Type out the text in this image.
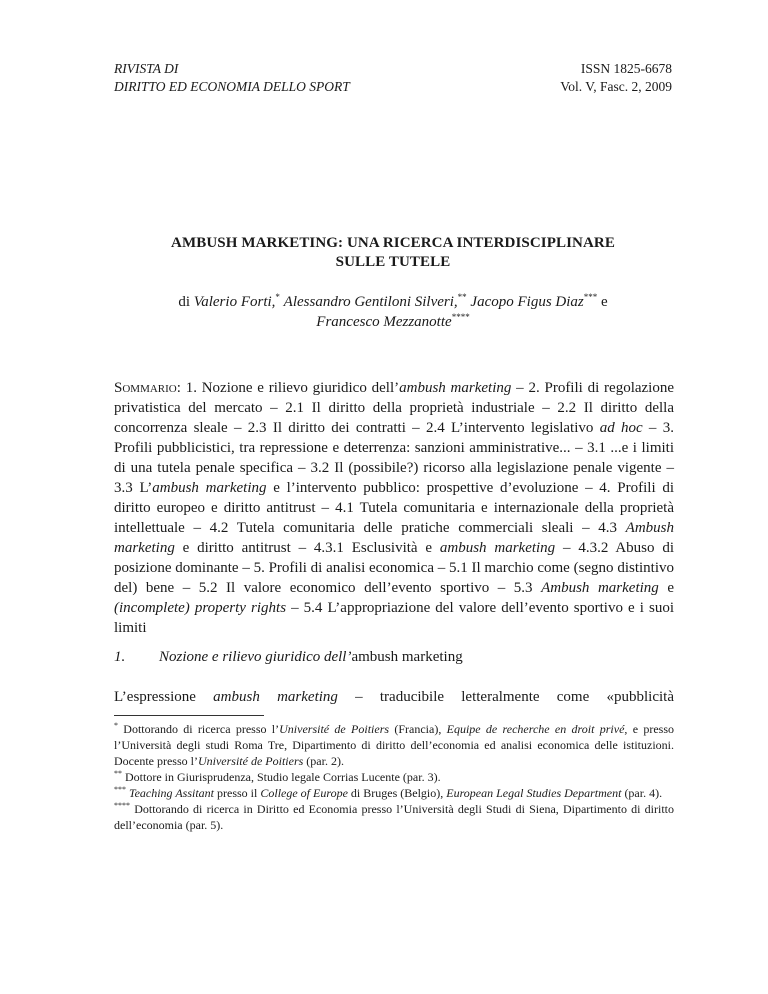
RIVISTA DI
DIRITTO ED ECONOMIA DELLO SPORT
ISSN 1825-6678
Vol. V, Fasc. 2, 2009
AMBUSH MARKETING: UNA RICERCA INTERDISCIPLINARE
SULLE TUTELE
di Valerio Forti,* Alessandro Gentiloni Silveri,** Jacopo Figus Diaz*** e
Francesco Mezzanotte****
Sommario: 1. Nozione e rilievo giuridico dell’ambush marketing – 2. Profili di regolazione privatistica del mercato – 2.1 Il diritto della proprietà industriale – 2.2 Il diritto della concorrenza sleale – 2.3 Il diritto dei contratti – 2.4 L’intervento legislativo ad hoc – 3. Profili pubblicistici, tra repressione e deterrenza: sanzioni amministrative... – 3.1 ...e i limiti di una tutela penale specifica – 3.2 Il (possibile?) ricorso alla legislazione penale vigente – 3.3 L’ambush marketing e l’intervento pubblico: prospettive d’evoluzione – 4. Profili di diritto europeo e diritto antitrust – 4.1 Tutela comunitaria e internazionale della proprietà intellettuale – 4.2 Tutela comunitaria delle pratiche commerciali sleali – 4.3 Ambush marketing e diritto antitrust – 4.3.1 Esclusività e ambush marketing – 4.3.2 Abuso di posizione dominante – 5. Profili di analisi economica – 5.1 Il marchio come (segno distintivo del) bene – 5.2 Il valore economico dell’evento sportivo – 5.3 Ambush marketing e (incomplete) property rights – 5.4 L’appropriazione del valore dell’evento sportivo e i suoi limiti
1. Nozione e rilievo giuridico dell’ambush marketing
L’espressione ambush marketing – traducibile letteralmente come «pubblicità

* Dottorando di ricerca presso l’Université de Poitiers (Francia), Equipe de recherche en droit privé, e presso l’Università degli studi Roma Tre, Dipartimento di diritto dell’economia ed analisi economica delle istituzioni. Docente presso l’Université de Poitiers (par. 2).

** Dottore in Giurisprudenza, Studio legale Corrias Lucente (par. 3).

*** Teaching Assitant presso il College of Europe di Bruges (Belgio), European Legal Studies Department (par. 4).

**** Dottorando di ricerca in Diritto ed Economia presso l’Università degli Studi di Siena, Dipartimento di diritto dell’economia (par. 5).
